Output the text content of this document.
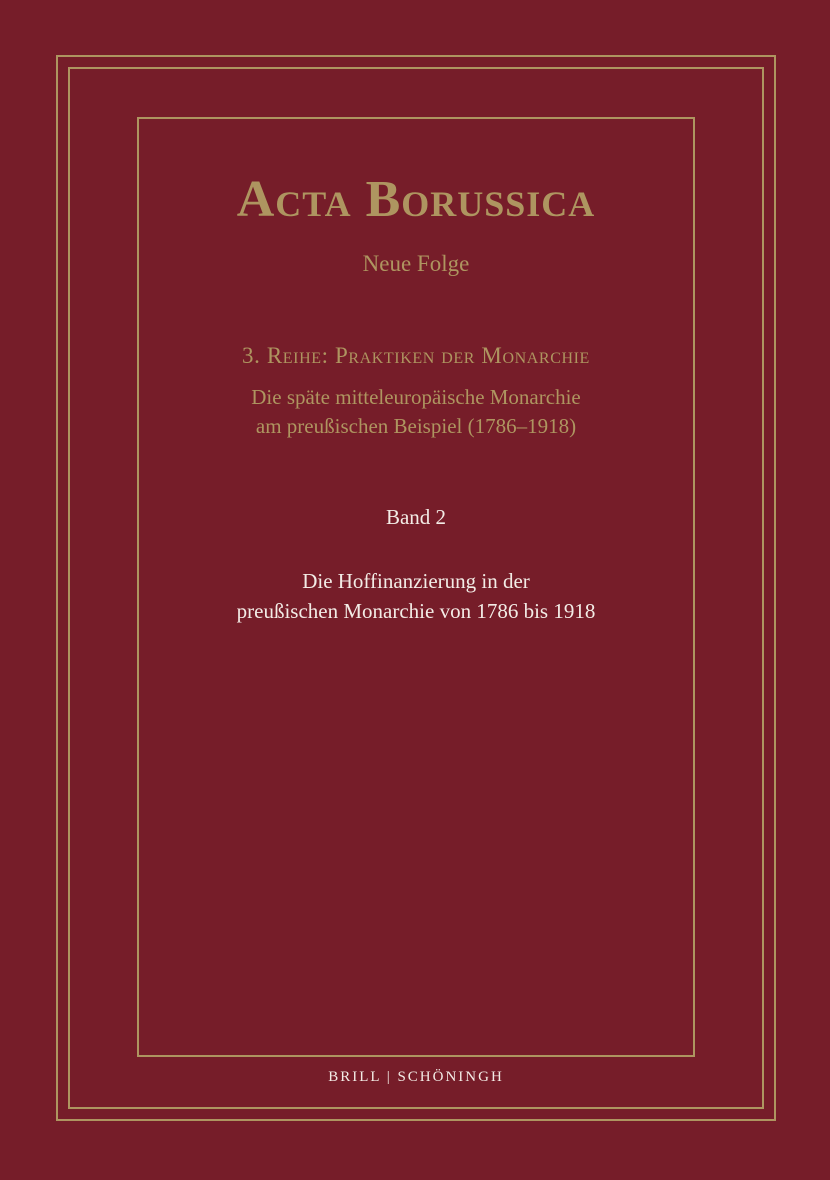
Acta Borussica

Neue Folge

3. Reihe: Praktiken der Monarchie

Die späte mitteleuropäische Monarchie
am preußischen Beispiel (1786–1918)

Band 2

Die Hoffinanzierung in der
preußischen Monarchie von 1786 bis 1918

BRILL | SCHÖNINGH
